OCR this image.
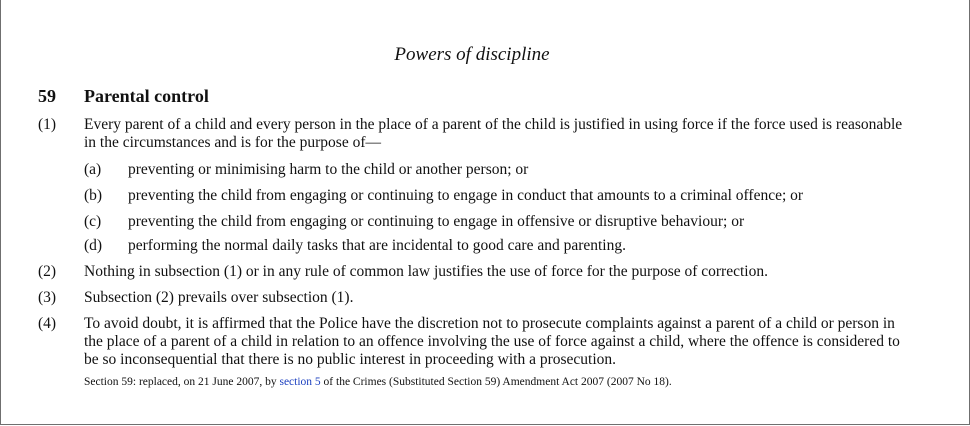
Powers of discipline
59 Parental control
(1) Every parent of a child and every person in the place of a parent of the child is justified in using force if the force used is reasonable in the circumstances and is for the purpose of—
(a) preventing or minimising harm to the child or another person; or
(b) preventing the child from engaging or continuing to engage in conduct that amounts to a criminal offence; or
(c) preventing the child from engaging or continuing to engage in offensive or disruptive behaviour; or
(d) performing the normal daily tasks that are incidental to good care and parenting.
(2) Nothing in subsection (1) or in any rule of common law justifies the use of force for the purpose of correction.
(3) Subsection (2) prevails over subsection (1).
(4) To avoid doubt, it is affirmed that the Police have the discretion not to prosecute complaints against a parent of a child or person in the place of a parent of a child in relation to an offence involving the use of force against a child, where the offence is considered to be so inconsequential that there is no public interest in proceeding with a prosecution.
Section 59: replaced, on 21 June 2007, by section 5 of the Crimes (Substituted Section 59) Amendment Act 2007 (2007 No 18).
